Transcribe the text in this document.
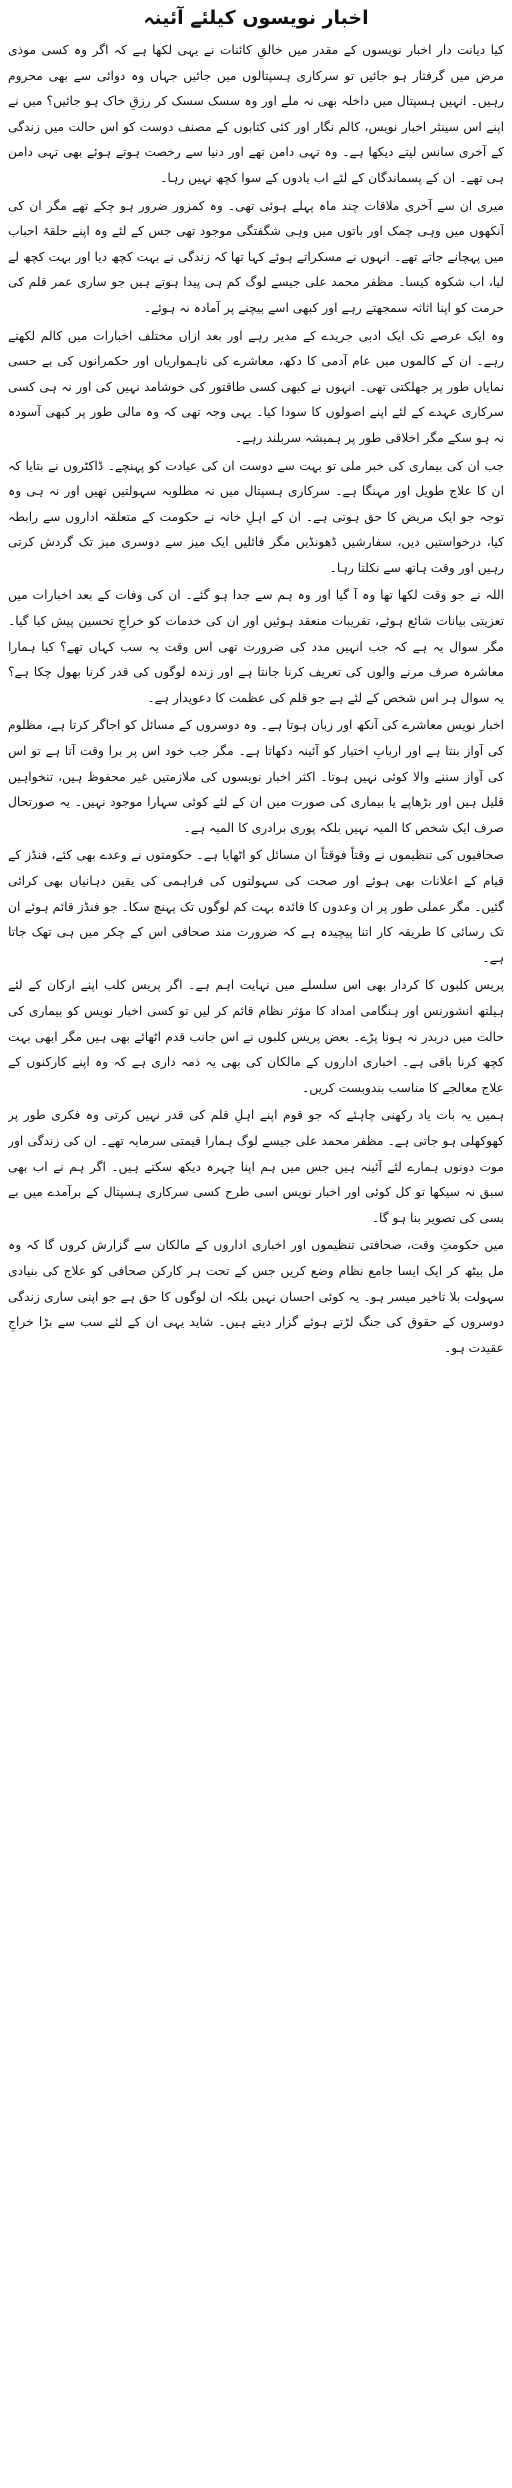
اخبار نویسوں کیلئے آئینہ

کیا دیانت دار اخبار نویسوں کے مقدر میں خالقِ کائنات نے یہی لکھا ہے کہ اگر وہ کسی موذی مرض میں گرفتار ہو جائیں تو سرکاری ہسپتالوں میں جائیں جہاں وہ دوائی سے بھی محروم رہیں۔ انہیں ہسپتال میں داخلہ بھی نہ ملے اور وہ سسک سسک کر رزقِ خاک ہو جائیں؟ میں نے اپنے اس سینئر اخبار نویس، کالم نگار اور کئی کتابوں کے مصنف دوست کو اس حالت میں زندگی کے آخری سانس لیتے دیکھا ہے۔ وہ تہی دامن تھے اور دنیا سے رخصت ہوتے ہوئے بھی تہی دامن ہی تھے۔ ان کے پسماندگان کے لئے اب یادوں کے سوا کچھ نہیں رہا۔

میری ان سے آخری ملاقات چند ماہ پہلے ہوئی تھی۔ وہ کمزور ضرور ہو چکے تھے مگر ان کی آنکھوں میں وہی چمک اور باتوں میں وہی شگفتگی موجود تھی جس کے لئے وہ اپنے حلقۂ احباب میں پہچانے جاتے تھے۔ انہوں نے مسکراتے ہوئے کہا تھا کہ زندگی نے بہت کچھ دیا اور بہت کچھ لے لیا، اب شکوہ کیسا۔ مظفر محمد علی جیسے لوگ کم ہی پیدا ہوتے ہیں جو ساری عمر قلم کی حرمت کو اپنا اثاثہ سمجھتے رہے اور کبھی اسے بیچنے پر آمادہ نہ ہوئے۔

وہ ایک عرصے تک ایک ادبی جریدے کے مدیر رہے اور بعد ازاں مختلف اخبارات میں کالم لکھتے رہے۔ ان کے کالموں میں عام آدمی کا دکھ، معاشرے کی ناہمواریاں اور حکمرانوں کی بے حسی نمایاں طور پر جھلکتی تھی۔ انہوں نے کبھی کسی طاقتور کی خوشامد نہیں کی اور نہ ہی کسی سرکاری عہدے کے لئے اپنے اصولوں کا سودا کیا۔ یہی وجہ تھی کہ وہ مالی طور پر کبھی آسودہ نہ ہو سکے مگر اخلاقی طور پر ہمیشہ سربلند رہے۔

جب ان کی بیماری کی خبر ملی تو بہت سے دوست ان کی عیادت کو پہنچے۔ ڈاکٹروں نے بتایا کہ ان کا علاج طویل اور مہنگا ہے۔ سرکاری ہسپتال میں نہ مطلوبہ سہولتیں تھیں اور نہ ہی وہ توجہ جو ایک مریض کا حق ہوتی ہے۔ ان کے اہلِ خانہ نے حکومت کے متعلقہ اداروں سے رابطہ کیا، درخواستیں دیں، سفارشیں ڈھونڈیں مگر فائلیں ایک میز سے دوسری میز تک گردش کرتی رہیں اور وقت ہاتھ سے نکلتا رہا۔

اللہ نے جو وقت لکھا تھا وہ آ گیا اور وہ ہم سے جدا ہو گئے۔ ان کی وفات کے بعد اخبارات میں تعزیتی بیانات شائع ہوئے، تقریبات منعقد ہوئیں اور ان کی خدمات کو خراجِ تحسین پیش کیا گیا۔ مگر سوال یہ ہے کہ جب انہیں مدد کی ضرورت تھی اس وقت یہ سب کہاں تھے؟ کیا ہمارا معاشرہ صرف مرنے والوں کی تعریف کرنا جانتا ہے اور زندہ لوگوں کی قدر کرنا بھول چکا ہے؟ یہ سوال ہر اس شخص کے لئے ہے جو قلم کی عظمت کا دعویدار ہے۔

اخبار نویس معاشرے کی آنکھ اور زبان ہوتا ہے۔ وہ دوسروں کے مسائل کو اجاگر کرتا ہے، مظلوم کی آواز بنتا ہے اور اربابِ اختیار کو آئینہ دکھاتا ہے۔ مگر جب خود اس پر برا وقت آتا ہے تو اس کی آواز سننے والا کوئی نہیں ہوتا۔ اکثر اخبار نویسوں کی ملازمتیں غیر محفوظ ہیں، تنخواہیں قلیل ہیں اور بڑھاپے یا بیماری کی صورت میں ان کے لئے کوئی سہارا موجود نہیں۔ یہ صورتحال صرف ایک شخص کا المیہ نہیں بلکہ پوری برادری کا المیہ ہے۔

صحافیوں کی تنظیموں نے وقتاً فوقتاً ان مسائل کو اٹھایا ہے۔ حکومتوں نے وعدے بھی کئے، فنڈز کے قیام کے اعلانات بھی ہوئے اور صحت کی سہولتوں کی فراہمی کی یقین دہانیاں بھی کرائی گئیں۔ مگر عملی طور پر ان وعدوں کا فائدہ بہت کم لوگوں تک پہنچ سکا۔ جو فنڈز قائم ہوئے ان تک رسائی کا طریقہ کار اتنا پیچیدہ ہے کہ ضرورت مند صحافی اس کے چکر میں ہی تھک جاتا ہے۔

پریس کلبوں کا کردار بھی اس سلسلے میں نہایت اہم ہے۔ اگر پریس کلب اپنے ارکان کے لئے ہیلتھ انشورنس اور ہنگامی امداد کا مؤثر نظام قائم کر لیں تو کسی اخبار نویس کو بیماری کی حالت میں دربدر نہ ہونا پڑے۔ بعض پریس کلبوں نے اس جانب قدم اٹھائے بھی ہیں مگر ابھی بہت کچھ کرنا باقی ہے۔ اخباری اداروں کے مالکان کی بھی یہ ذمہ داری ہے کہ وہ اپنے کارکنوں کے علاج معالجے کا مناسب بندوبست کریں۔

ہمیں یہ بات یاد رکھنی چاہئے کہ جو قوم اپنے اہلِ قلم کی قدر نہیں کرتی وہ فکری طور پر کھوکھلی ہو جاتی ہے۔ مظفر محمد علی جیسے لوگ ہمارا قیمتی سرمایہ تھے۔ ان کی زندگی اور موت دونوں ہمارے لئے آئینہ ہیں جس میں ہم اپنا چہرہ دیکھ سکتے ہیں۔ اگر ہم نے اب بھی سبق نہ سیکھا تو کل کوئی اور اخبار نویس اسی طرح کسی سرکاری ہسپتال کے برآمدے میں بے بسی کی تصویر بنا ہو گا۔

میں حکومتِ وقت، صحافتی تنظیموں اور اخباری اداروں کے مالکان سے گزارش کروں گا کہ وہ مل بیٹھ کر ایک ایسا جامع نظام وضع کریں جس کے تحت ہر کارکن صحافی کو علاج کی بنیادی سہولت بلا تاخیر میسر ہو۔ یہ کوئی احسان نہیں بلکہ ان لوگوں کا حق ہے جو اپنی ساری زندگی دوسروں کے حقوق کی جنگ لڑتے ہوئے گزار دیتے ہیں۔ شاید یہی ان کے لئے سب سے بڑا خراجِ عقیدت ہو۔
